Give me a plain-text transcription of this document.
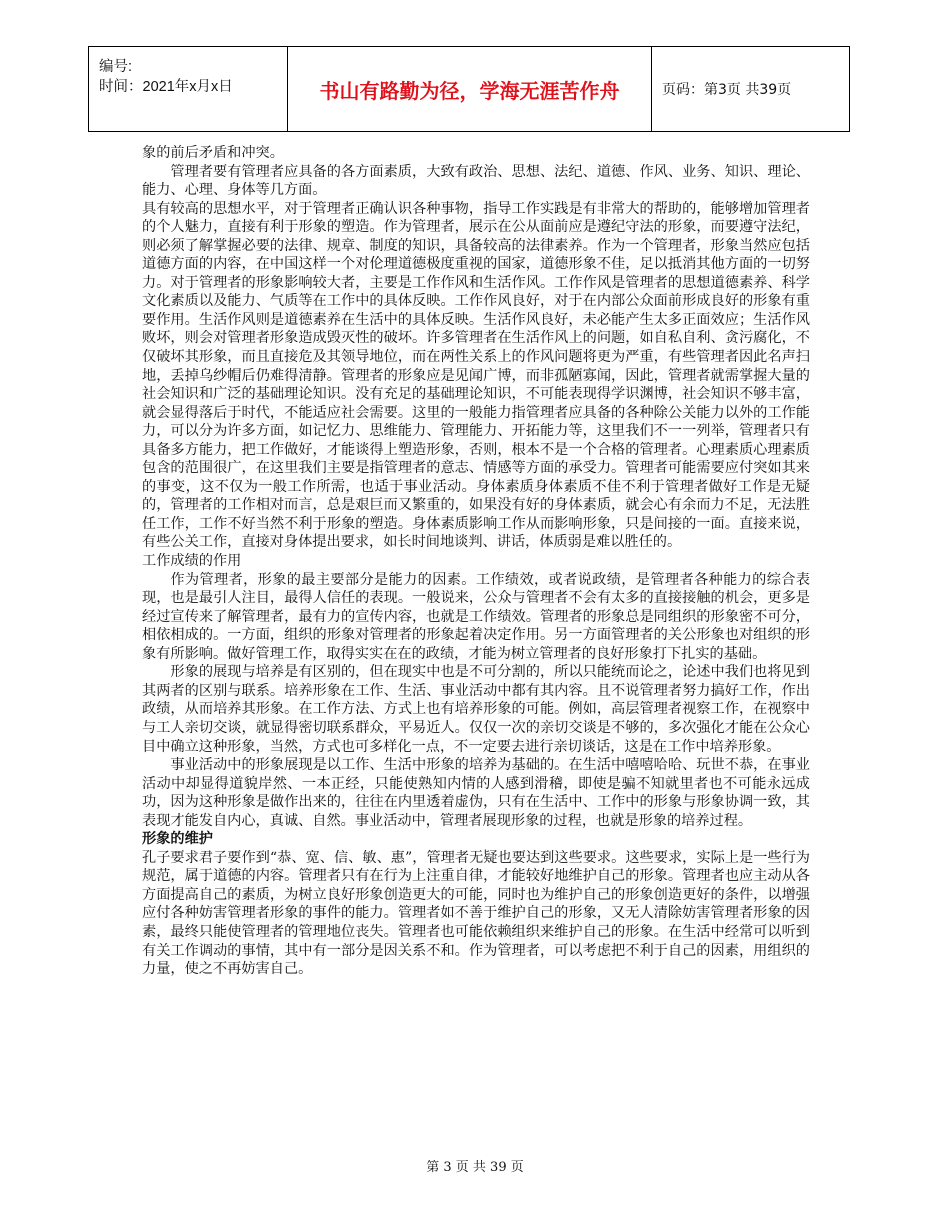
编号:
时间：2021年x月x日	书山有路勤为径，学海无涯苦作舟	页码：第3页 共39页

象的前后矛盾和冲突。

管理者要有管理者应具备的各方面素质，大致有政治、思想、法纪、道德、作风、业务、知识、理论、能力、心理、身体等几方面。

具有较高的思想水平，对于管理者正确认识各种事物，指导工作实践是有非常大的帮助的，能够增加管理者的个人魅力，直接有利于形象的塑造。作为管理者，展示在公从面前应是遵纪守法的形象，而要遵守法纪，则必须了解掌握必要的法律、规章、制度的知识，具备较高的法律素养。作为一个管理者，形象当然应包括道德方面的内容，在中国这样一个对伦理道德极度重视的国家，道德形象不佳，足以抵消其他方面的一切努力。对于管理者的形象影响较大者，主要是工作作风和生活作风。工作作风是管理者的思想道德素养、科学文化素质以及能力、气质等在工作中的具体反映。工作作风良好，对于在内部公众面前形成良好的形象有重要作用。生活作风则是道德素养在生活中的具体反映。生活作风良好，未必能产生太多正面效应；生活作风败坏，则会对管理者形象造成毁灭性的破坏。许多管理者在生活作风上的问题，如自私自利、贪污腐化，不仅破坏其形象，而且直接危及其领导地位，而在两性关系上的作风问题将更为严重，有些管理者因此名声扫地，丢掉乌纱帽后仍难得清静。管理者的形象应是见闻广博，而非孤陋寡闻，因此，管理者就需掌握大量的社会知识和广泛的基础理论知识。没有充足的基础理论知识，不可能表现得学识渊博，社会知识不够丰富，就会显得落后于时代，不能适应社会需要。这里的一般能力指管理者应具备的各种除公关能力以外的工作能力，可以分为许多方面，如记忆力、思维能力、管理能力、开拓能力等，这里我们不一一列举，管理者只有具备多方能力，把工作做好，才能谈得上塑造形象，否则，根本不是一个合格的管理者。心理素质心理素质包含的范围很广，在这里我们主要是指管理者的意志、情感等方面的承受力。管理者可能需要应付突如其来的事变，这不仅为一般工作所需，也适于事业活动。身体素质身体素质不佳不利于管理者做好工作是无疑的，管理者的工作相对而言，总是艰巨而又繁重的，如果没有好的身体素质，就会心有余而力不足，无法胜任工作，工作不好当然不利于形象的塑造。身体素质影响工作从而影响形象，只是间接的一面。直接来说，有些公关工作，直接对身体提出要求，如长时间地谈判、讲话，体质弱是难以胜任的。

工作成绩的作用

作为管理者，形象的最主要部分是能力的因素。工作绩效，或者说政绩，是管理者各种能力的综合表现，也是最引人注目，最得人信任的表现。一般说来，公众与管理者不会有太多的直接接触的机会，更多是经过宣传来了解管理者，最有力的宣传内容，也就是工作绩效。管理者的形象总是同组织的形象密不可分，相依相成的。一方面，组织的形象对管理者的形象起着决定作用。另一方面管理者的关公形象也对组织的形象有所影响。做好管理工作，取得实实在在的政绩，才能为树立管理者的良好形象打下扎实的基础。

形象的展现与培养是有区别的，但在现实中也是不可分割的，所以只能统而论之，论述中我们也将见到其两者的区别与联系。培养形象在工作、生活、事业活动中都有其内容。且不说管理者努力搞好工作，作出政绩，从而培养其形象。在工作方法、方式上也有培养形象的可能。例如，高层管理者视察工作，在视察中与工人亲切交谈，就显得密切联系群众，平易近人。仅仅一次的亲切交谈是不够的，多次强化才能在公众心目中确立这种形象，当然，方式也可多样化一点，不一定要去进行亲切谈话，这是在工作中培养形象。

事业活动中的形象展现是以工作、生活中形象的培养为基础的。在生活中嘻嘻哈哈、玩世不恭，在事业活动中却显得道貌岸然、一本正经，只能使熟知内情的人感到滑稽，即使是骗不知就里者也不可能永远成功，因为这种形象是做作出来的，往往在内里透着虚伪，只有在生活中、工作中的形象与形象协调一致，其表现才能发自内心，真诚、自然。事业活动中，管理者展现形象的过程，也就是形象的培养过程。

形象的维护

孔子要求君子要作到“恭、宽、信、敏、惠”，管理者无疑也要达到这些要求。这些要求，实际上是一些行为规范，属于道德的内容。管理者只有在行为上注重自律，才能较好地维护自己的形象。管理者也应主动从各方面提高自己的素质，为树立良好形象创造更大的可能，同时也为维护自己的形象创造更好的条件，以增强应付各种妨害管理者形象的事件的能力。管理者如不善于维护自己的形象，又无人清除妨害管理者形象的因素，最终只能使管理者的管理地位丧失。管理者也可能依赖组织来维护自己的形象。在生活中经常可以听到有关工作调动的事情，其中有一部分是因关系不和。作为管理者，可以考虑把不利于自己的因素，用组织的力量，使之不再妨害自己。

第 3 页 共 39 页
